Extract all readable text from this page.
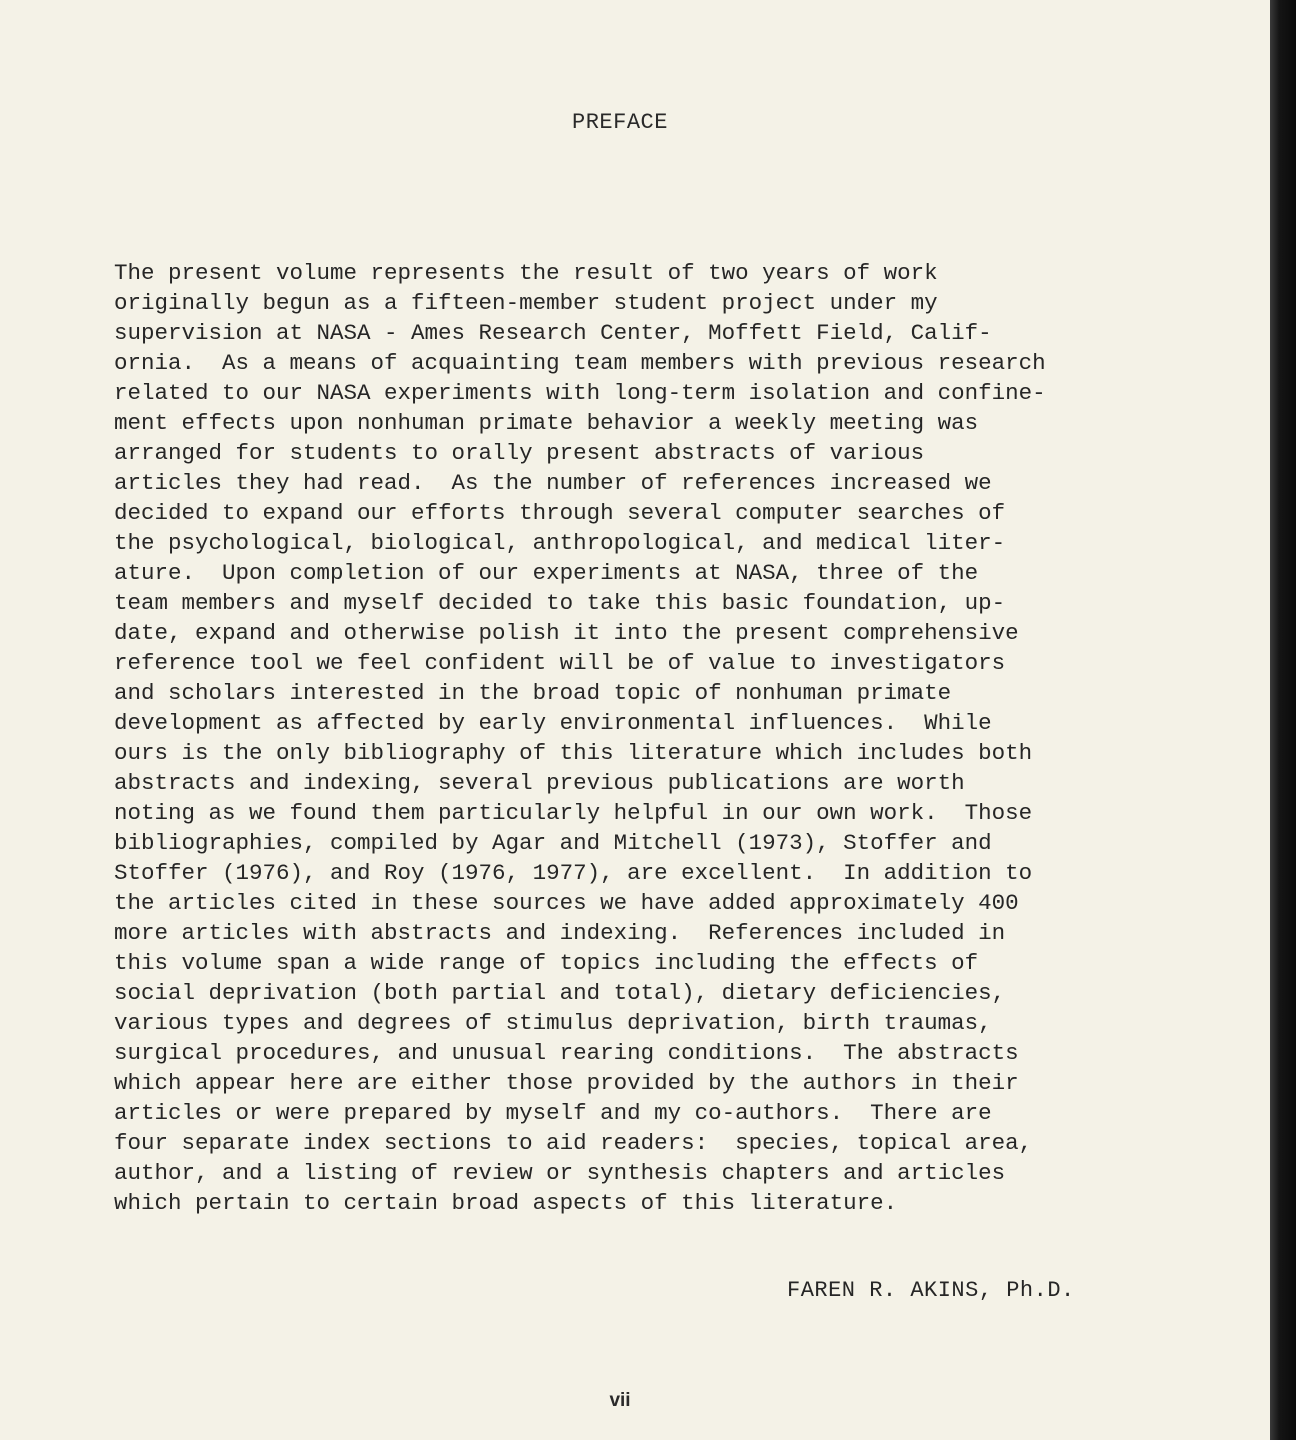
PREFACE
The present volume represents the result of two years of work
originally begun as a fifteen-member student project under my
supervision at NASA - Ames Research Center, Moffett Field, Calif-
ornia.  As a means of acquainting team members with previous research
related to our NASA experiments with long-term isolation and confine-
ment effects upon nonhuman primate behavior a weekly meeting was
arranged for students to orally present abstracts of various
articles they had read.  As the number of references increased we
decided to expand our efforts through several computer searches of
the psychological, biological, anthropological, and medical liter-
ature.  Upon completion of our experiments at NASA, three of the
team members and myself decided to take this basic foundation, up-
date, expand and otherwise polish it into the present comprehensive
reference tool we feel confident will be of value to investigators
and scholars interested in the broad topic of nonhuman primate
development as affected by early environmental influences.  While
ours is the only bibliography of this literature which includes both
abstracts and indexing, several previous publications are worth
noting as we found them particularly helpful in our own work.  Those
bibliographies, compiled by Agar and Mitchell (1973), Stoffer and
Stoffer (1976), and Roy (1976, 1977), are excellent.  In addition to
the articles cited in these sources we have added approximately 400
more articles with abstracts and indexing.  References included in
this volume span a wide range of topics including the effects of
social deprivation (both partial and total), dietary deficiencies,
various types and degrees of stimulus deprivation, birth traumas,
surgical procedures, and unusual rearing conditions.  The abstracts
which appear here are either those provided by the authors in their
articles or were prepared by myself and my co-authors.  There are
four separate index sections to aid readers:  species, topical area,
author, and a listing of review or synthesis chapters and articles
which pertain to certain broad aspects of this literature.
FAREN R. AKINS, Ph.D.
vii
